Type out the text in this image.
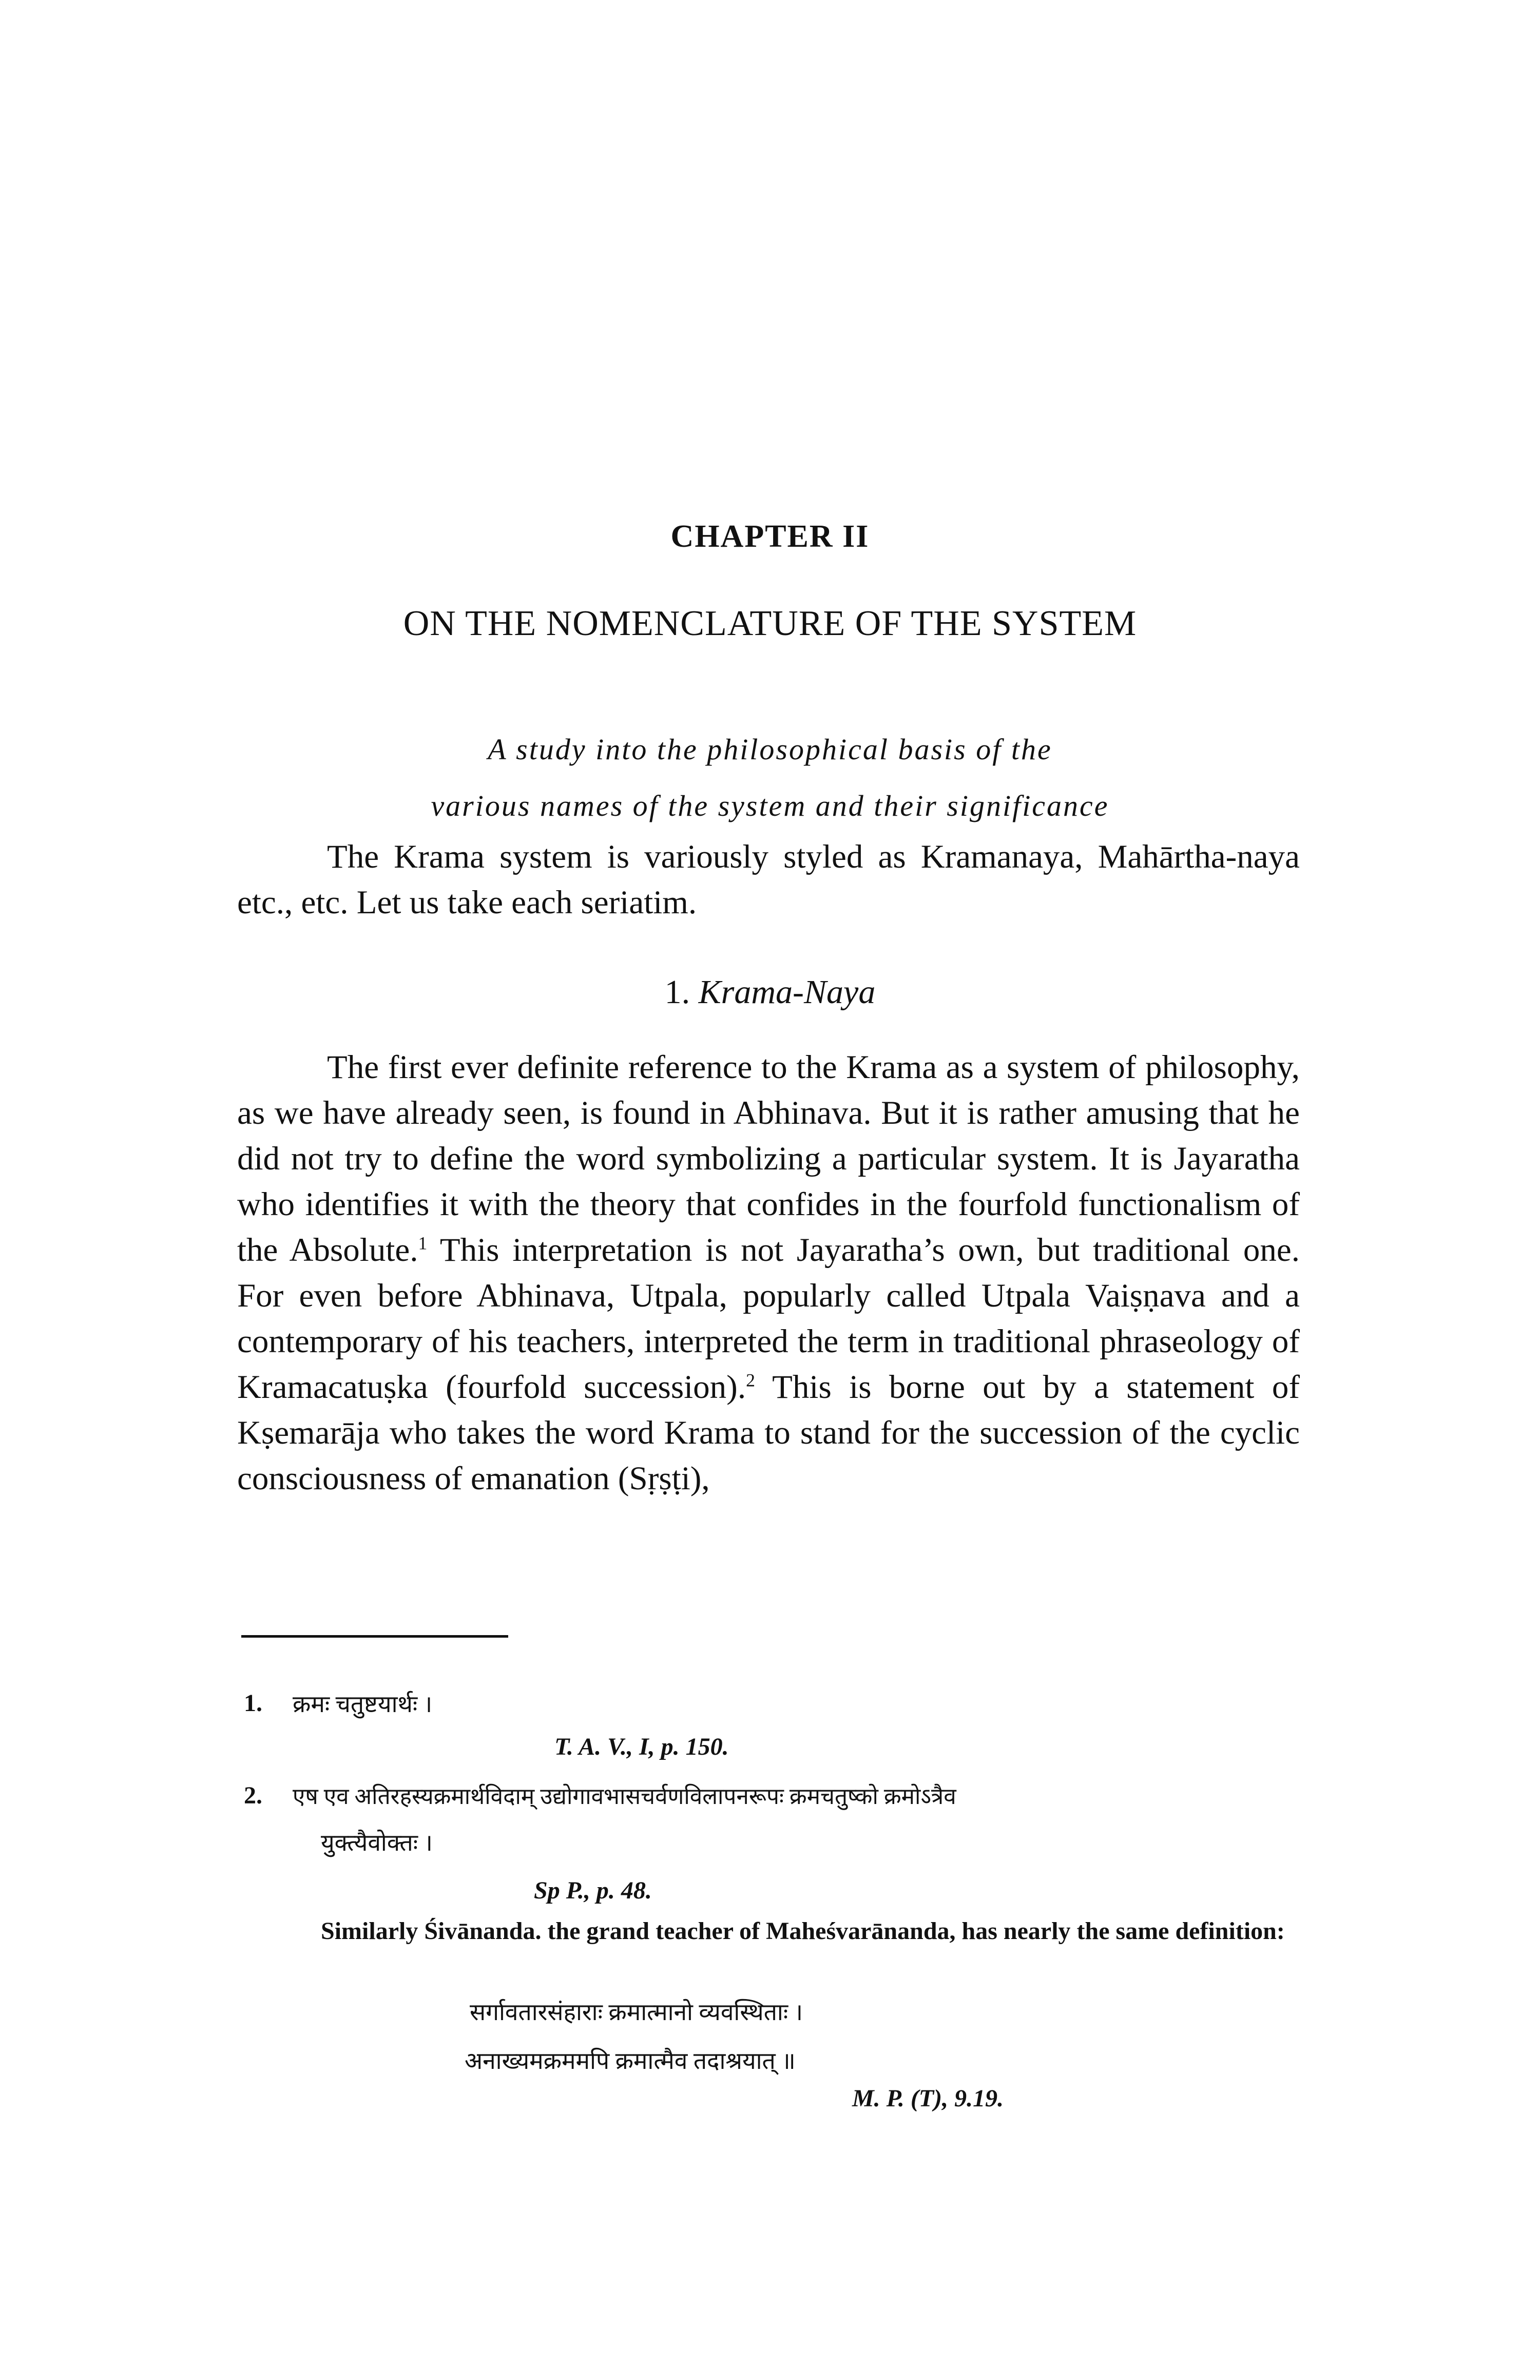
CHAPTER II
ON THE NOMENCLATURE OF THE SYSTEM
A study into the philosophical basis of the
various names of the system and their significance

The Krama system is variously styled as Kramanaya, Mahārtha-naya etc., etc. Let us take each seriatim.

1. Krama-Naya

The first ever definite reference to the Krama as a system of philosophy, as we have already seen, is found in Abhinava. But it is rather amusing that he did not try to define the word symbolizing a particular system. It is Jayaratha who identifies it with the theory that confides in the fourfold functionalism of the Absolute.$^1$ This interpretation is not Jayaratha’s own, but traditional one. For even before Abhinava, Utpala, popularly called Utpala Vaiṣṇava and a contemporary of his teachers, interpreted the term in traditional phraseology of Kramacatuṣka (fourfold succession).$^2$ This is borne out by a statement of Kṣemarāja who takes the word Krama to stand for the succession of the cyclic consciousness of emanation (Sṛṣṭi),

1. क्रमः चतुष्टयार्थः ।
T. A. V., I, p. 150.
2. एष एव अतिरहस्यक्रमार्थविदाम् उद्योगावभासचर्वणविलापनरूपः क्रमचतुष्को क्रमोऽत्रैव
युक्त्यैवोक्तः ।
Sp P., p. 48.
Similarly Śivānanda. the grand teacher of Maheśvarānanda, has nearly the same definition:
सर्गावतारसंहाराः क्रमात्मानो व्यवस्थिताः ।
अनाख्यमक्रममपि क्रमात्मैव तदाश्रयात् ॥
M. P. (T), 9.19.
